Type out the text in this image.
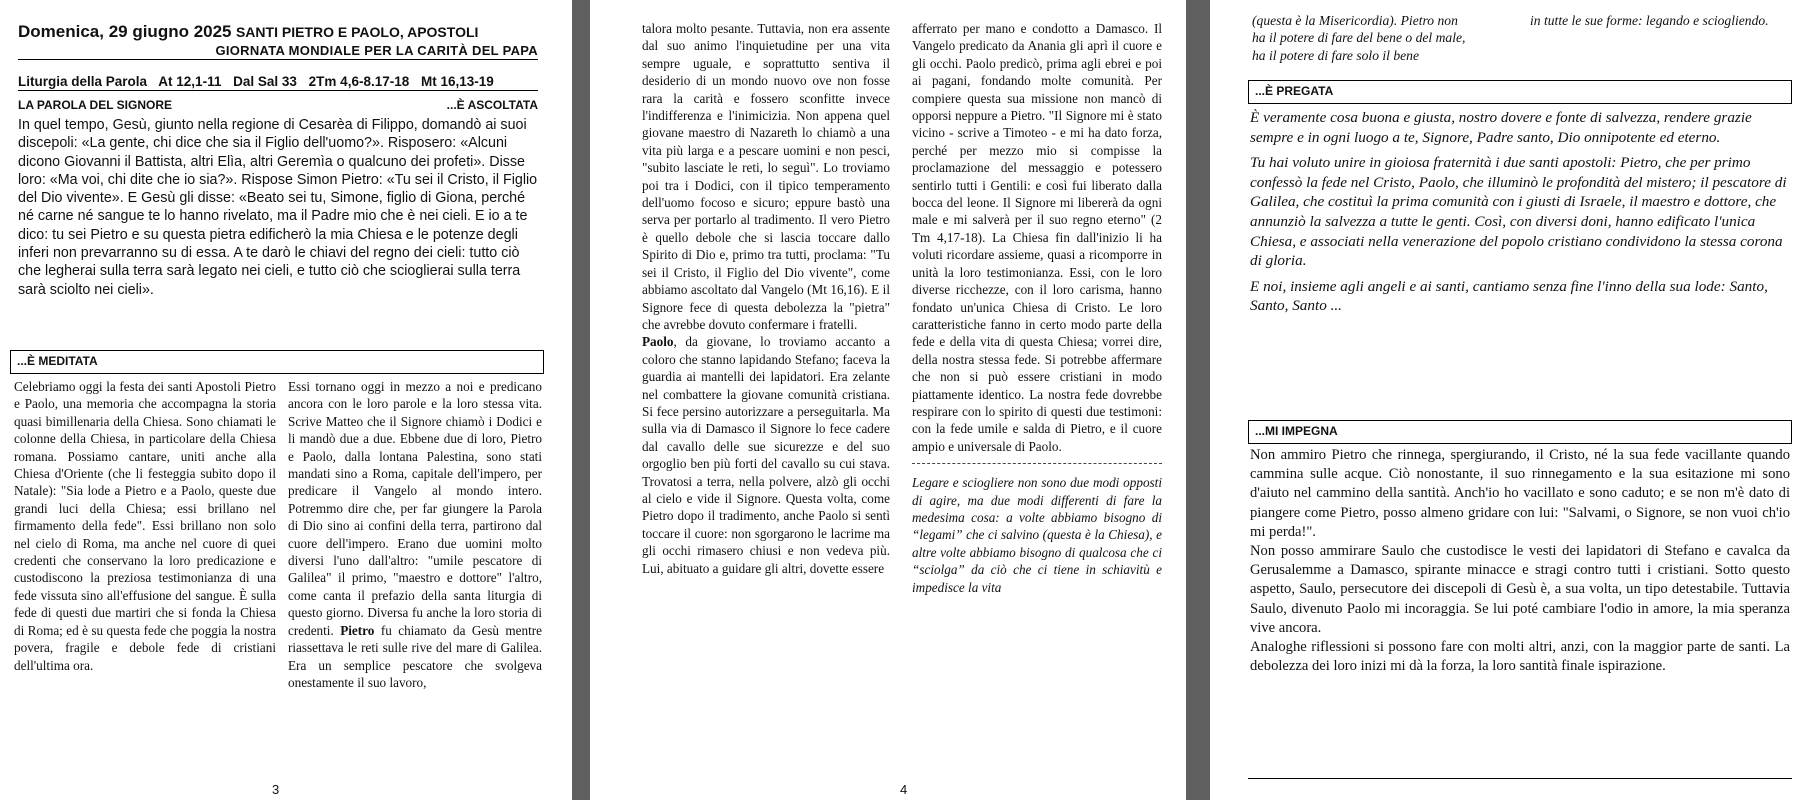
Domenica, 29 giugno 2025 SANTI PIETRO E PAOLO, APOSTOLI
GIORNATA MONDIALE PER LA CARITÀ DEL PAPA
Liturgia della Parola At 12,1-11 Dal Sal 33 2Tm 4,6-8.17-18 Mt 16,13-19
LA PAROLA DEL SIGNORE	...È ASCOLTATA

In quel tempo, Gesù, giunto nella regione di Cesarèa di Filippo, domandò ai suoi discepoli: «La gente, chi dice che sia il Figlio dell'uomo?». Risposero: «Alcuni dicono Giovanni il Battista, altri Elìa, altri Geremìa o qualcuno dei profeti». Disse loro: «Ma voi, chi dite che io sia?». Rispose Simon Pietro: «Tu sei il Cristo, il Figlio del Dio vivente». E Gesù gli disse: «Beato sei tu, Simone, figlio di Giona, perché né carne né sangue te lo hanno rivelato, ma il Padre mio che è nei cieli. E io a te dico: tu sei Pietro e su questa pietra edificherò la mia Chiesa e le potenze degli inferi non prevarranno su di essa. A te darò le chiavi del regno dei cieli: tutto ciò che legherai sulla terra sarà legato nei cieli, e tutto ciò che scioglierai sulla terra sarà sciolto nei cieli».

...È MEDITATA

Celebriamo oggi la festa dei santi Apostoli Pietro e Paolo, una memoria che accompagna la storia quasi bimillenaria della Chiesa. Sono chiamati le colonne della Chiesa, in particolare della Chiesa romana. Possiamo cantare, uniti anche alla Chiesa d'Oriente (che li festeggia subito dopo il Natale): "Sia lode a Pietro e a Paolo, queste due grandi luci della Chiesa; essi brillano nel firmamento della fede". Essi brillano non solo nel cielo di Roma, ma anche nel cuore di quei credenti che conservano la loro predicazione e custodiscono la preziosa testimonianza di una fede vissuta sino all'effusione del sangue. È sulla fede di questi due martiri che si fonda la Chiesa di Roma; ed è su questa fede che poggia la nostra povera, fragile e debole fede di cristiani dell'ultima ora.

Essi tornano oggi in mezzo a noi e predicano ancora con le loro parole e la loro stessa vita. Scrive Matteo che il Signore chiamò i Dodici e li mandò due a due. Ebbene due di loro, Pietro e Paolo, dalla lontana Palestina, sono stati mandati sino a Roma, capitale dell'impero, per predicare il Vangelo al mondo intero. Potremmo dire che, per far giungere la Parola di Dio sino ai confini della terra, partirono dal cuore dell'impero. Erano due uomini molto diversi l'uno dall'altro: "umile pescatore di Galilea" il primo, "maestro e dottore" l'altro, come canta il prefazio della santa liturgia di questo giorno. Diversa fu anche la loro storia di credenti. Pietro fu chiamato da Gesù mentre riassettava le reti sulle rive del mare di Galilea. Era un semplice pescatore che svolgeva onestamente il suo lavoro,

3

talora molto pesante. Tuttavia, non era assente dal suo animo l'inquietudine per una vita sempre uguale, e soprattutto sentiva il desiderio di un mondo nuovo ove non fosse rara la carità e fossero sconfitte invece l'indifferenza e l'inimicizia. Non appena quel giovane maestro di Nazareth lo chiamò a una vita più larga e a pescare uomini e non pesci, "subito lasciate le reti, lo seguì". Lo troviamo poi tra i Dodici, con il tipico temperamento dell'uomo focoso e sicuro; eppure bastò una serva per portarlo al tradimento. Il vero Pietro è quello debole che si lascia toccare dallo Spirito di Dio e, primo tra tutti, proclama: "Tu sei il Cristo, il Figlio del Dio vivente", come abbiamo ascoltato dal Vangelo (Mt 16,16). E il Signore fece di questa debolezza la "pietra" che avrebbe dovuto confermare i fratelli.
Paolo, da giovane, lo troviamo accanto a coloro che stanno lapidando Stefano; faceva la guardia ai mantelli dei lapidatori. Era zelante nel combattere la giovane comunità cristiana. Si fece persino autorizzare a perseguitarla. Ma sulla via di Damasco il Signore lo fece cadere dal cavallo delle sue sicurezze e del suo orgoglio ben più forti del cavallo su cui stava. Trovatosi a terra, nella polvere, alzò gli occhi al cielo e vide il Signore. Questa volta, come Pietro dopo il tradimento, anche Paolo si sentì toccare il cuore: non sgorgarono le lacrime ma gli occhi rimasero chiusi e non vedeva più. Lui, abituato a guidare gli altri, dovette essere

afferrato per mano e condotto a Damasco. Il Vangelo predicato da Anania gli aprì il cuore e gli occhi. Paolo predicò, prima agli ebrei e poi ai pagani, fondando molte comunità. Per compiere questa sua missione non mancò di opporsi neppure a Pietro. "Il Signore mi è stato vicino - scrive a Timoteo - e mi ha dato forza, perché per mezzo mio si compisse la proclamazione del messaggio e potessero sentirlo tutti i Gentili: e così fui liberato dalla bocca del leone. Il Signore mi libererà da ogni male e mi salverà per il suo regno eterno" (2 Tm 4,17-18). La Chiesa fin dall'inizio li ha voluti ricordare assieme, quasi a ricomporre in unità la loro testimonianza. Essi, con le loro diverse ricchezze, con il loro carisma, hanno fondato un'unica Chiesa di Cristo. Le loro caratteristiche fanno in certo modo parte della fede e della vita di questa Chiesa; vorrei dire, della nostra stessa fede. Si potrebbe affermare che non si può essere cristiani in modo piattamente identico. La nostra fede dovrebbe respirare con lo spirito di questi due testimoni: con la fede umile e salda di Pietro, e il cuore ampio e universale di Paolo.

Legare e sciogliere non sono due modi opposti di agire, ma due modi differenti di fare la medesima cosa: a volte abbiamo bisogno di “legami” che ci salvino (questa è la Chiesa), e altre volte abbiamo bisogno di qualcosa che ci “sciolga” da ciò che ci tiene in schiavitù e impedisce la vita

4

(questa è la Misericordia). Pietro non ha il potere di fare del bene o del male, ha il potere di fare solo il bene

in tutte le sue forme: legando e sciogliendo.

...È PREGATA

È veramente cosa buona e giusta, nostro dovere e fonte di salvezza, rendere grazie sempre e in ogni luogo a te, Signore, Padre santo, Dio onnipotente ed eterno.

Tu hai voluto unire in gioiosa fraternità i due santi apostoli: Pietro, che per primo confessò la fede nel Cristo, Paolo, che illuminò le profondità del mistero; il pescatore di Galilea, che costituì la prima comunità con i giusti di Israele, il maestro e dottore, che annunziò la salvezza a tutte le genti. Così, con diversi doni, hanno edificato l'unica Chiesa, e associati nella venerazione del popolo cristiano condividono la stessa corona di gloria.

E noi, insieme agli angeli e ai santi, cantiamo senza fine l'inno della sua lode: Santo, Santo, Santo ...

...MI IMPEGNA

Non ammiro Pietro che rinnega, spergiurando, il Cristo, né la sua fede vacillante quando cammina sulle acque. Ciò nonostante, il suo rinnegamento e la sua esitazione mi sono d'aiuto nel cammino della santità. Anch'io ho vacillato e sono caduto; e se non m'è dato di piangere come Pietro, posso almeno gridare con lui: "Salvami, o Signore, se non vuoi ch'io mi perda!".

Non posso ammirare Saulo che custodisce le vesti dei lapidatori di Stefano e cavalca da Gerusalemme a Damasco, spirante minacce e stragi contro tutti i cristiani. Sotto questo aspetto, Saulo, persecutore dei discepoli di Gesù è, a sua volta, un tipo detestabile. Tuttavia Saulo, divenuto Paolo mi incoraggia. Se lui poté cambiare l'odio in amore, la mia speranza vive ancora.

Analoghe riflessioni si possono fare con molti altri, anzi, con la maggior parte de santi. La debolezza dei loro inizi mi dà la forza, la loro santità finale ispirazione.
